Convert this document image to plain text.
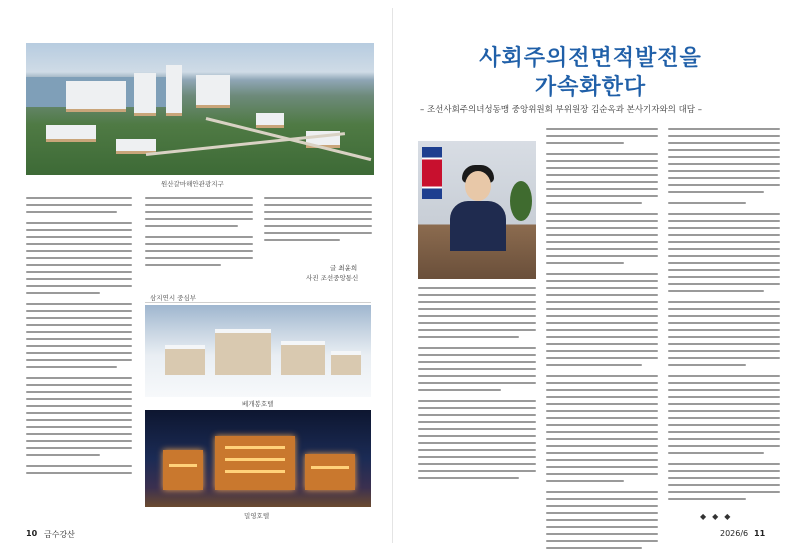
원산갈마해안관광지구
글 최윤희
사진 조선중앙통신
삼지연시 중심부
베개봉호텔
밀영호텔
10 금수강산
사회주의전면적발전을
가속화한다
– 조선사회주의녀성동맹 중앙위원회 부위원장 김순옥과 본사기자와의 대담 –
◆◆◆
2026/6 11
